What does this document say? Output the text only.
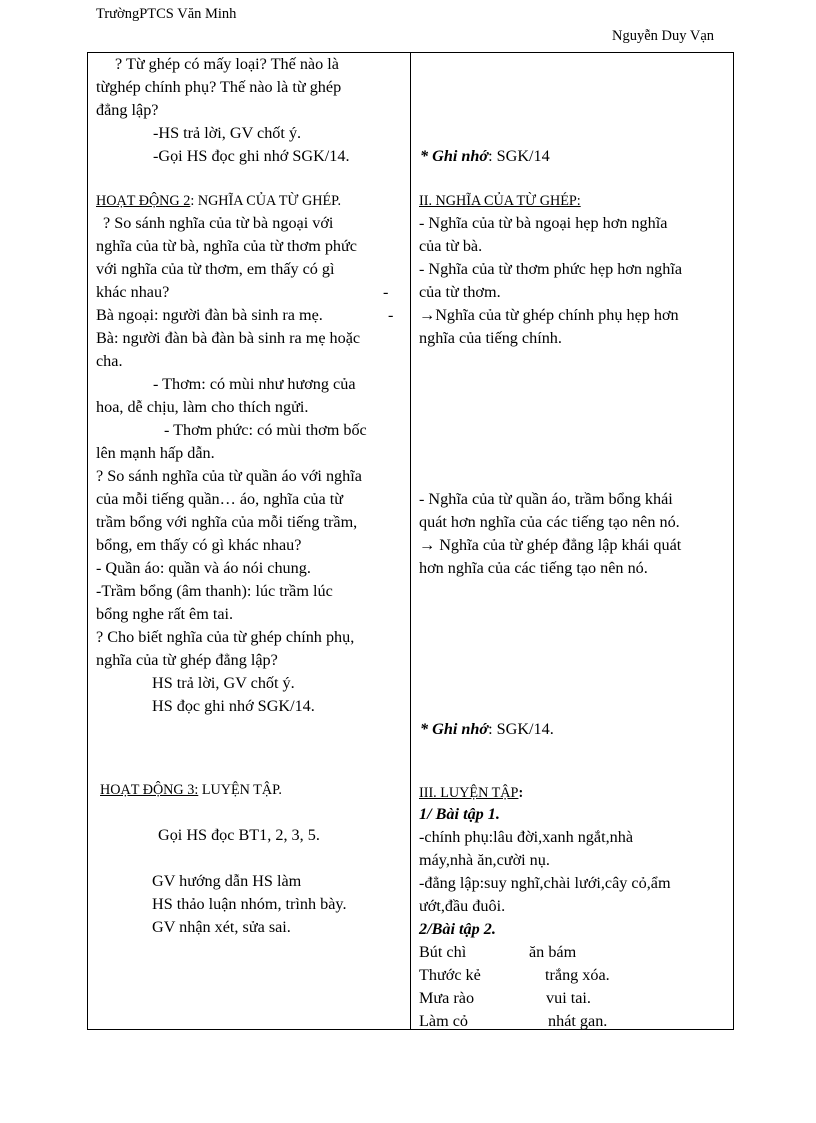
TrườngPTCS Văn Minh
Nguyễn Duy Vạn
? Từ ghép có mấy loại? Thế nào là
từghép chính phụ? Thế nào là từ ghép
đẳng lập?
-HS trả lời, GV chốt ý.
-Gọi HS đọc ghi nhớ SGK/14.
HOẠT ĐỘNG 2: NGHĨA CỦA TỪ GHÉP.
? So sánh nghĩa của từ bà ngoại với
nghĩa của từ bà, nghĩa của từ thơm phức
với nghĩa của từ thơm, em thấy có gì
khác nhau?	-
Bà ngoại: người đàn bà sinh ra mẹ.	-
Bà: người đàn bà đàn bà sinh ra mẹ hoặc
cha.
- Thơm: có mùi như hương của
hoa, dễ chịu, làm cho thích ngửi.
- Thơm phức: có mùi thơm bốc
lên mạnh hấp dẫn.
? So sánh nghĩa của từ quần áo với nghĩa
của mỗi tiếng quần… áo, nghĩa của từ
trầm bổng với nghĩa của mỗi tiếng trầm,
bổng, em thấy có gì khác nhau?
- Quần áo: quần và áo nói chung.
-Trầm bổng (âm thanh): lúc trầm lúc
bổng nghe rất êm tai.
? Cho biết nghĩa của từ ghép chính phụ,
nghĩa của từ ghép đẳng lập?
HS trả lời, GV chốt ý.
HS đọc ghi nhớ SGK/14.
HOẠT ĐỘNG 3: LUYỆN TẬP.
Gọi HS đọc BT1, 2, 3, 5.
GV hướng dẫn HS làm
HS thảo luận nhóm, trình bày.
GV nhận xét, sửa sai.
* Ghi nhớ: SGK/14
II. NGHĨA CỦA TỪ GHÉP:
- Nghĩa của từ bà ngoại hẹp hơn nghĩa
của từ bà.
- Nghĩa của từ thơm phức hẹp hơn nghĩa
của từ thơm.
→Nghĩa của từ ghép chính phụ hẹp hơn
nghĩa của tiếng chính.
- Nghĩa của từ quần áo, trầm bổng khái
quát hơn nghĩa của các tiếng tạo nên nó.
→ Nghĩa của từ ghép đẳng lập khái quát
hơn nghĩa của các tiếng tạo nên nó.
* Ghi nhớ: SGK/14.
III. LUYỆN TẬP:
1/ Bài tập 1.
-chính phụ:lâu đời,xanh ngắt,nhà
máy,nhà ăn,cười nụ.
-đẳng lập:suy nghĩ,chài lưới,cây cỏ,ẩm
ướt,đầu đuôi.
2/Bài tập 2.
Bút chì	ăn bám
Thước kẻ	trắng xóa.
Mưa rào	vui tai.
Làm cỏ	nhát gan.
